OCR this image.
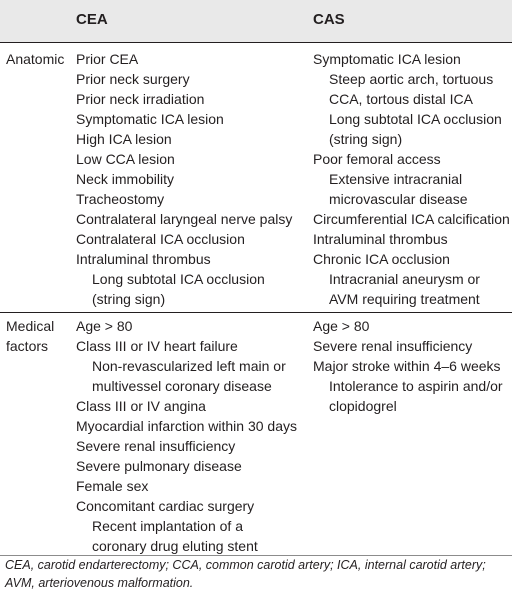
CEA	CAS
Anatomic Prior CEA
Prior neck surgery
Prior neck irradiation
Symptomatic ICA lesion
High ICA lesion
Low CCA lesion
Neck immobility
Tracheostomy
Contralateral laryngeal nerve palsy
Contralateral ICA occlusion
Intraluminal thrombus
Long subtotal ICA occlusion
(string sign)
Symptomatic ICA lesion
Steep aortic arch, tortuous
CCA, tortous distal ICA
Long subtotal ICA occlusion
(string sign)
Poor femoral access
Extensive intracranial
microvascular disease
Circumferential ICA calcification
Intraluminal thrombus
Chronic ICA occlusion
Intracranial aneurysm or
AVM requiring treatment
Medical
factors
Age > 80
Class III or IV heart failure
Non-revascularized left main or
multivessel coronary disease
Class III or IV angina
Myocardial infarction within 30 days
Severe renal insufficiency
Severe pulmonary disease
Female sex
Concomitant cardiac surgery
Recent implantation of a
coronary drug eluting stent
Age > 80
Severe renal insufficiency
Major stroke within 4–6 weeks
Intolerance to aspirin and/or
clopidogrel
CEA, carotid endarterectomy; CCA, common carotid artery; ICA, internal carotid artery;
AVM, arteriovenous malformation.
